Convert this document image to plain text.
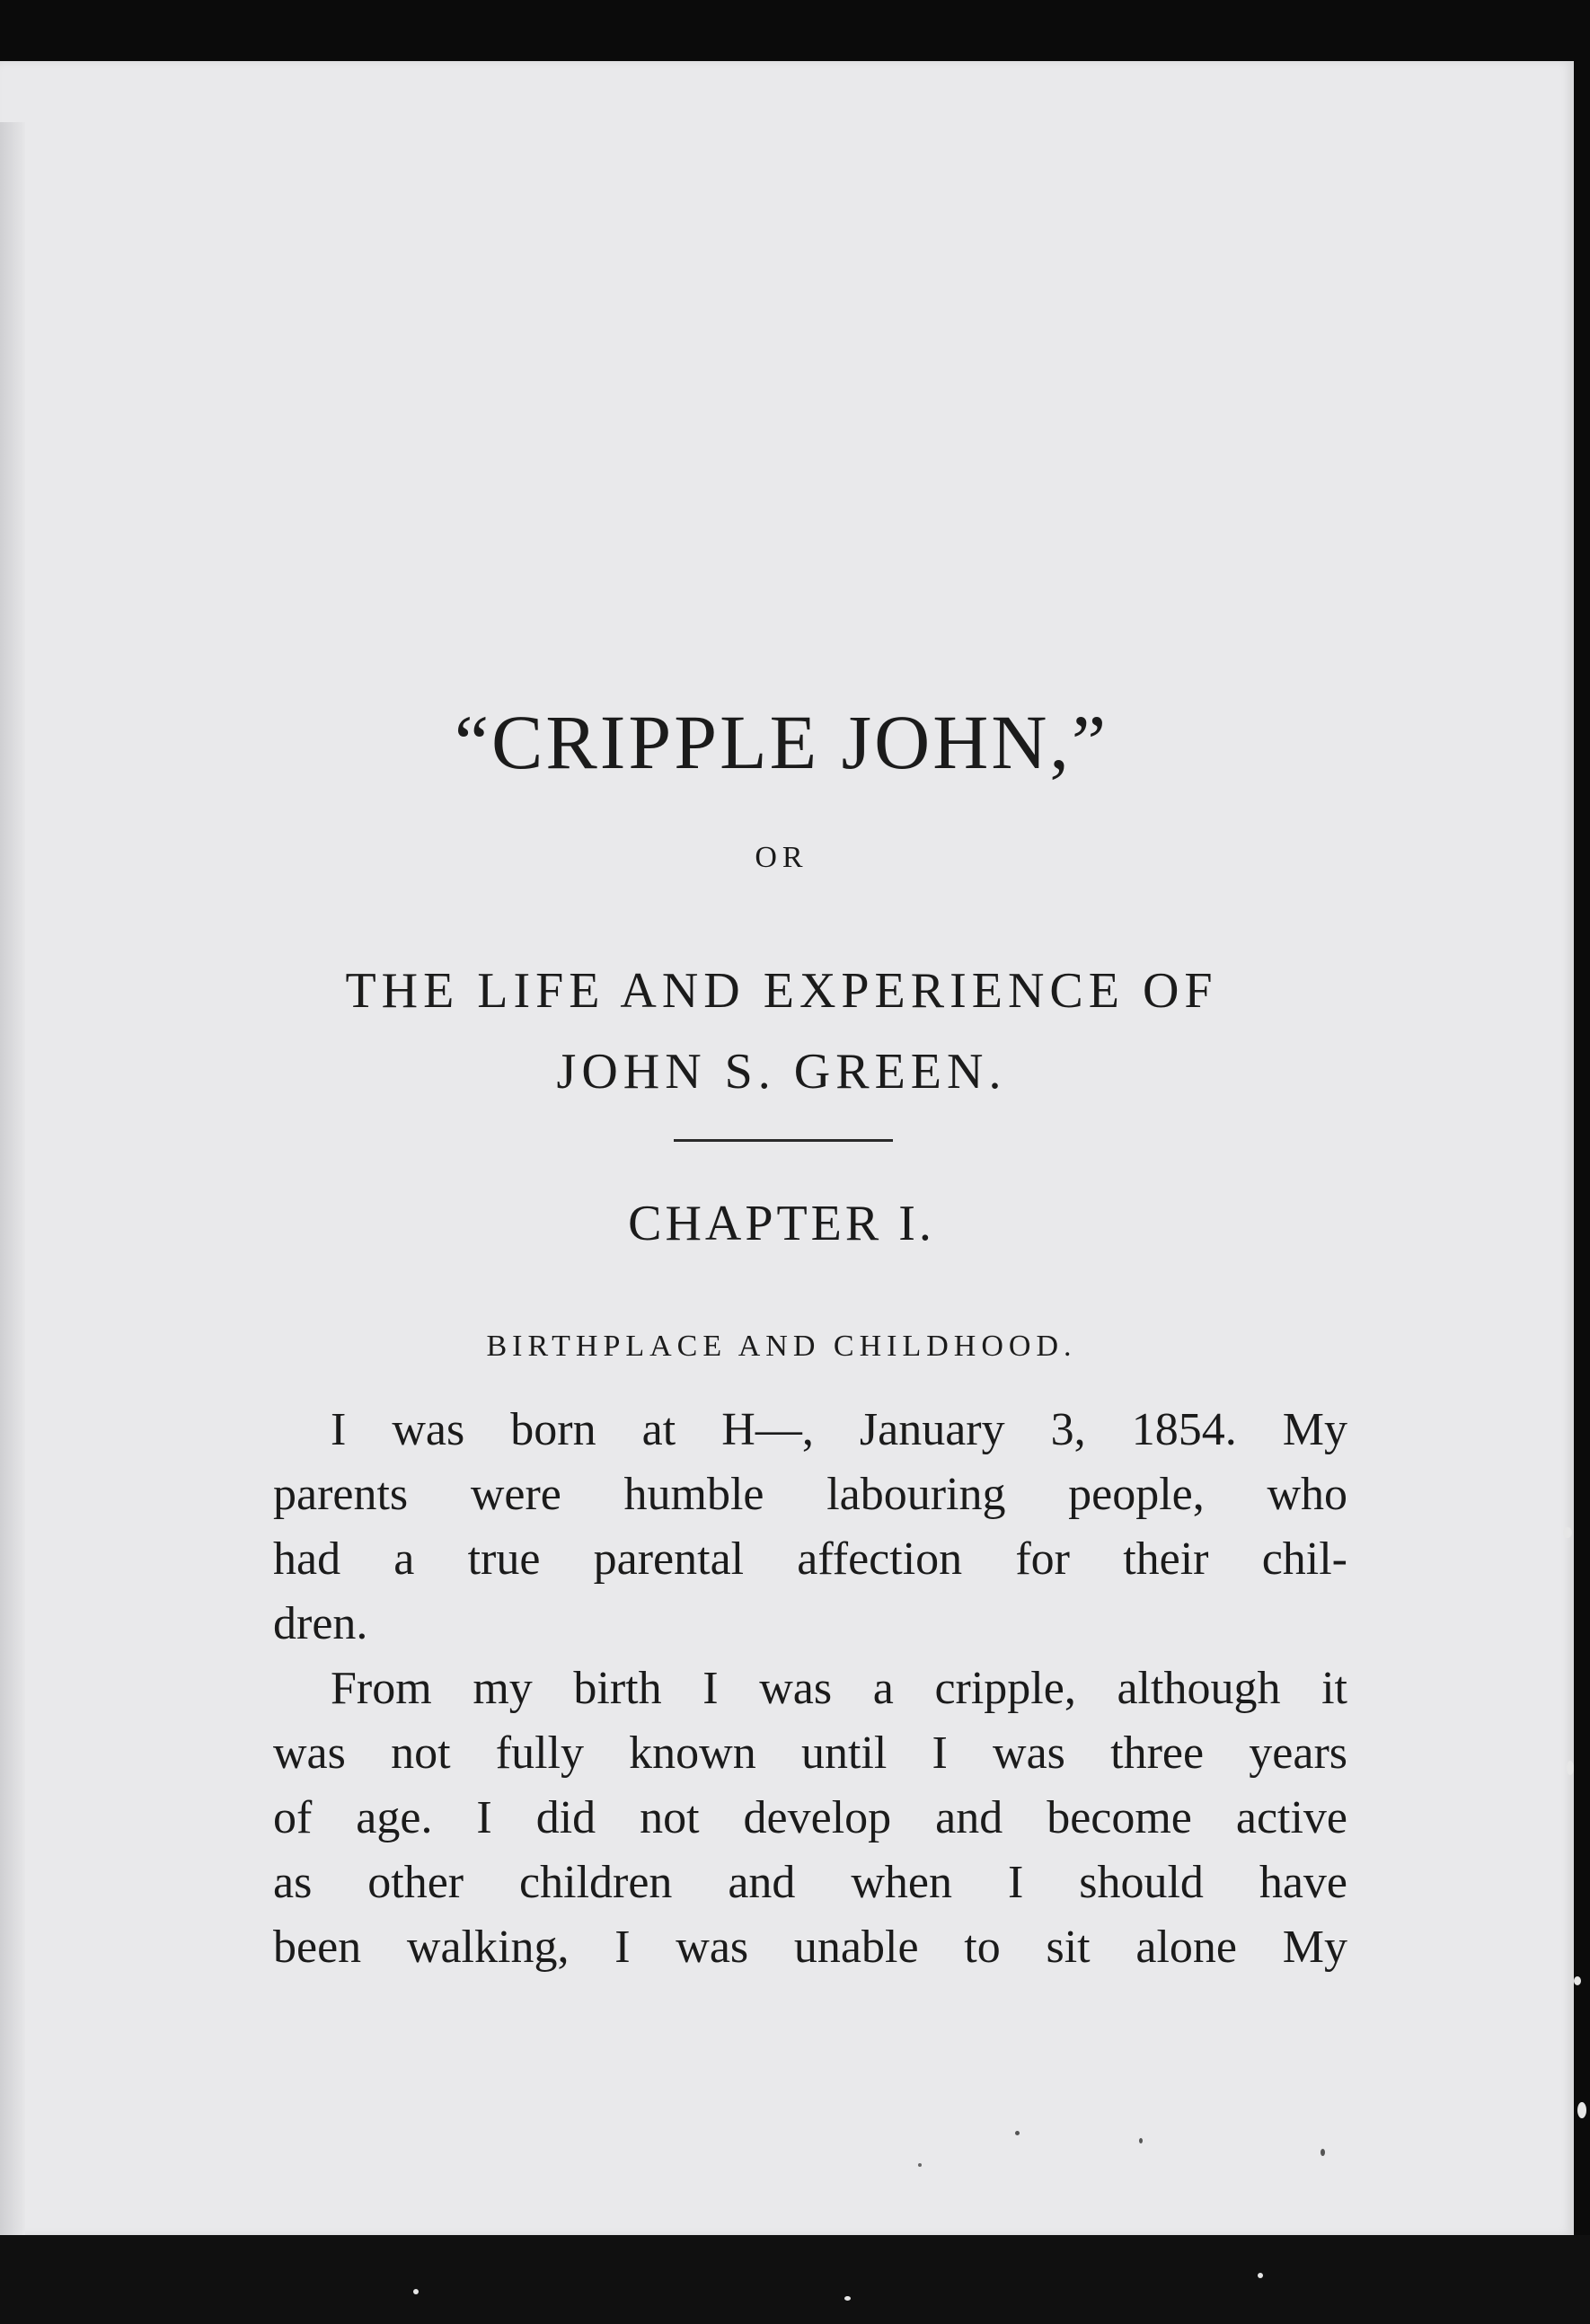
“CRIPPLE JOHN,”
OR
THE LIFE AND EXPERIENCE OF
JOHN S. GREEN.
CHAPTER I.
BIRTHPLACE AND CHILDHOOD.
I was born at H—, January 3, 1854. My
parents were humble labouring people, who
had a true parental affection for their chil-
dren.
From my birth I was a cripple, although it
was not fully known until I was three years
of age. I did not develop and become active
as other children and when I should have
been walking, I was unable to sit alone My
